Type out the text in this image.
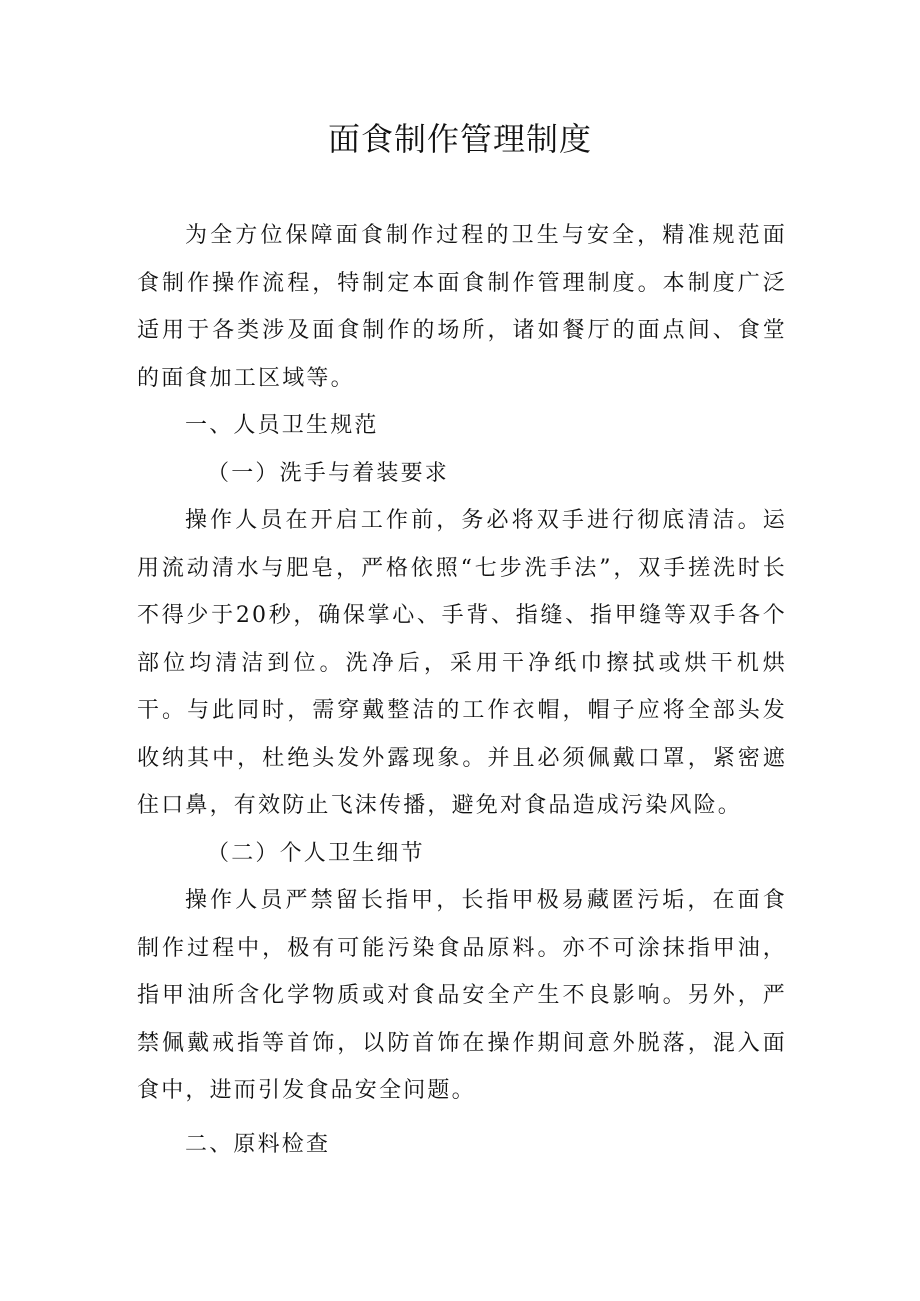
面食制作管理制度

为全方位保障面食制作过程的卫生与安全，精准规范面食制作操作流程，特制定本面食制作管理制度。本制度广泛适用于各类涉及面食制作的场所，诸如餐厅的面点间、食堂的面食加工区域等。

一、人员卫生规范

（一）洗手与着装要求

操作人员在开启工作前，务必将双手进行彻底清洁。运用流动清水与肥皂，严格依照“七步洗手法”，双手搓洗时长不得少于20秒，确保掌心、手背、指缝、指甲缝等双手各个部位均清洁到位。洗净后，采用干净纸巾擦拭或烘干机烘干。与此同时，需穿戴整洁的工作衣帽，帽子应将全部头发收纳其中，杜绝头发外露现象。并且必须佩戴口罩，紧密遮住口鼻，有效防止飞沫传播，避免对食品造成污染风险。

（二）个人卫生细节

操作人员严禁留长指甲，长指甲极易藏匿污垢，在面食制作过程中，极有可能污染食品原料。亦不可涂抹指甲油，指甲油所含化学物质或对食品安全产生不良影响。另外，严禁佩戴戒指等首饰，以防首饰在操作期间意外脱落，混入面食中，进而引发食品安全问题。

二、原料检查
